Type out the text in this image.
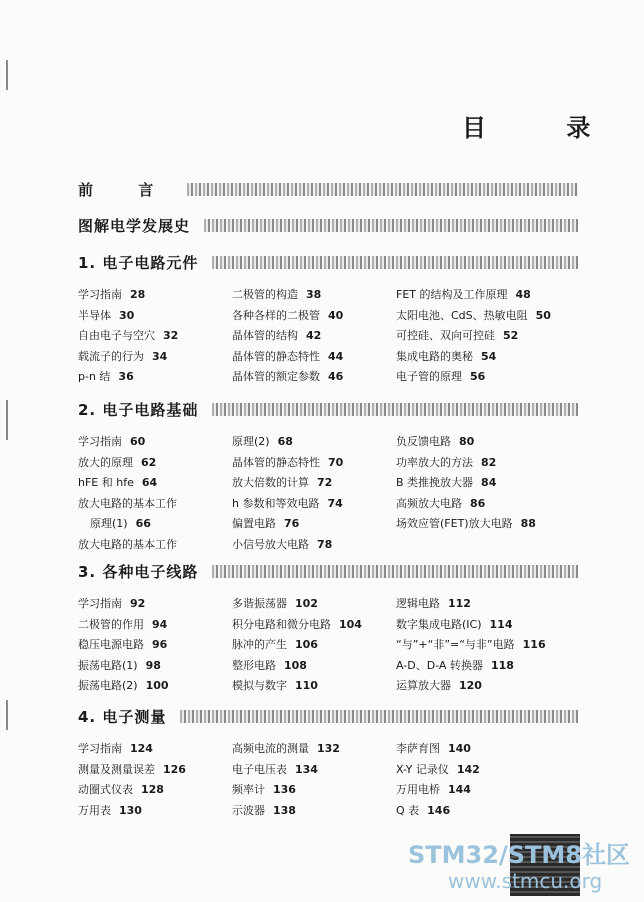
目 录
前 言
图解电学发展史
1. 电子电路元件
学习指南 28
半导体 30
自由电子与空穴 32
载流子的行为 34
p-n 结 36
二极管的构造 38
各种各样的二极管 40
晶体管的结构 42
晶体管的静态特性 44
晶体管的额定参数 46
FET 的结构及工作原理 48
太阳电池、CdS、热敏电阻 50
可控硅、双向可控硅 52
集成电路的奥秘 54
电子管的原理 56
2. 电子电路基础
学习指南 60
放大的原理 62
hFE 和 hfe 64
放大电路的基本工作
原理(1) 66
放大电路的基本工作
原理(2) 68
晶体管的静态特性 70
放大倍数的计算 72
h 参数和等效电路 74
偏置电路 76
小信号放大电路 78
负反馈电路 80
功率放大的方法 82
B 类推挽放大器 84
高频放大电路 86
场效应管(FET)放大电路 88
3. 各种电子线路
学习指南 92
二极管的作用 94
稳压电源电路 96
振荡电路(1) 98
振荡电路(2) 100
多谐振荡器 102
积分电路和微分电路 104
脉冲的产生 106
整形电路 108
模拟与数字 110
逻辑电路 112
数字集成电路(IC) 114
“与”+“非”=“与非”电路 116
A-D、D-A 转换器 118
运算放大器 120
4. 电子测量
学习指南 124
测量及测量误差 126
动圈式仪表 128
万用表 130
高频电流的测量 132
电子电压表 134
频率计 136
示波器 138
李萨育图 140
X-Y 记录仪 142
万用电桥 144
Q 表 146
STM32/STM8社区
www.stmcu.org
